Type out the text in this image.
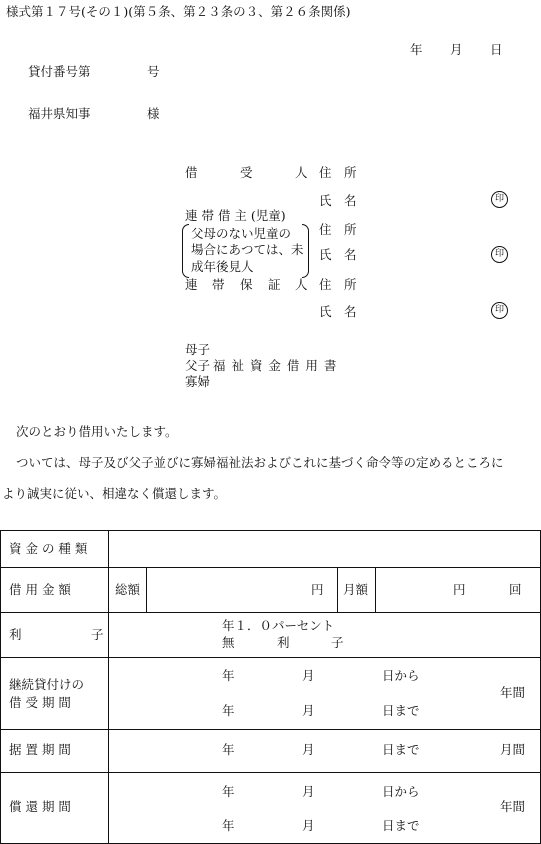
様式第１７号(その１)(第５条、第２３条の３、第２６条関係)
年 月 日
貸付番号第	号
福井県知事	様
借	受	人 住　所
氏　名	印
連 帯 借 主 (児童)
父母のない児童の
場合にあつては、未
成年後見人
住　所
氏　名	印
連 帯 保 証 人 住　所
氏　名	印
母子
父子
寡婦
福 祉 資 金 借 用 書
次のとおり借用いたします。
ついては、母子及び父子並びに寡婦福祉法およびこれに基づく命令等の定めるところに
より誠実に従い、相違なく償還します。
資 金 の 種 類
借 用 金 額	総額	円 月額	円	回
利	子
年１．０パーセント
無	利	子
継続貸付けの
借 受 期 間
年	月	日から
年	月	日まで
年間
据 置 期 間	年	月	日まで	月間
償 還 期 間
年	月	日から
年	月	日まで
年間
